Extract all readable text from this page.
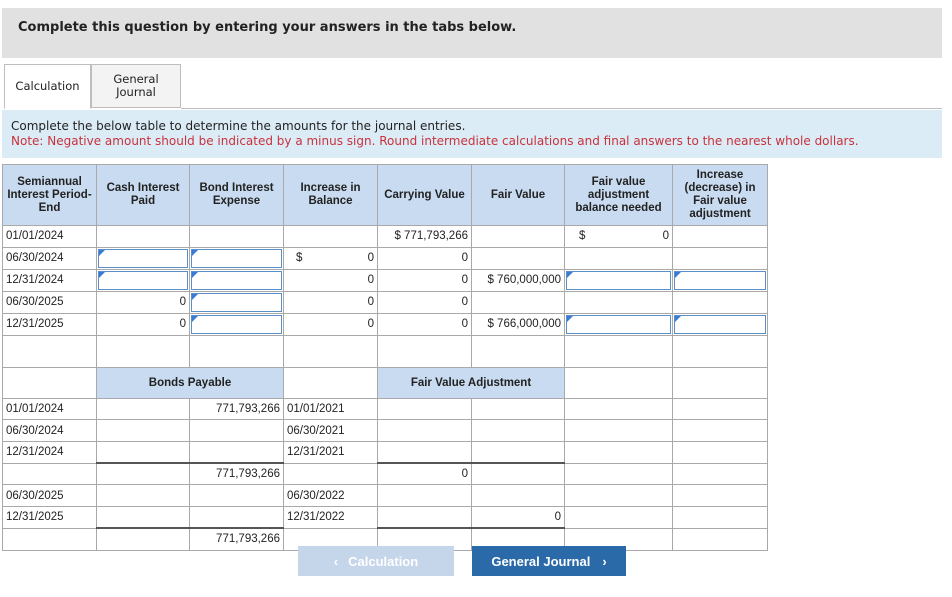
Complete this question by entering your answers in the tabs below.
Calculation	General Journal
Complete the below table to determine the amounts for the journal entries.
Note: Negative amount should be indicated by a minus sign. Round intermediate calculations and final answers to the nearest whole dollars.
Semiannual Interest Period-End	Cash Interest Paid	Bond Interest Expense	Increase in Balance	Carrying Value	Fair Value	Fair value adjustment balance needed	Increase (decrease) in Fair value adjustment
01/01/2024				$ 771,793,266		$ 0	
06/30/2024			$ 0	0			
12/31/2024			0	0	$ 760,000,000	

06/30/2025	0		0	0			
12/31/2025	0		0	0	$ 766,000,000	

	Bonds Payable			Fair Value Adjustment			
01/01/2024		771,793,266	01/01/2021				
06/30/2024			06/30/2021				
12/31/2024			12/31/2021				
		771,793,266		0			
06/30/2025			06/30/2022				
12/31/2025			12/31/2022		0		
		771,793,266					
‹ Calculation	General Journal ›
